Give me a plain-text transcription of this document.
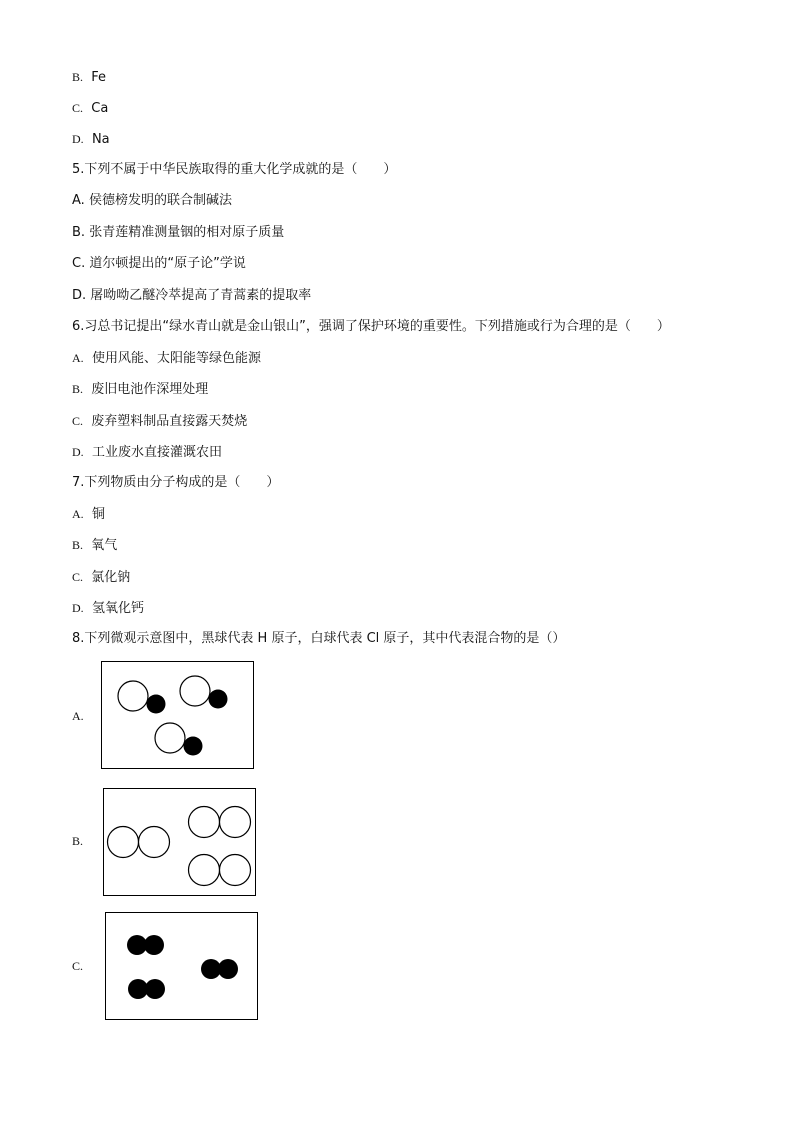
B. Fe
C. Ca
D. Na
5.下列不属于中华民族取得的重大化学成就的是（　　）
A. 侯德榜发明的联合制碱法
B. 张青莲精准测量铟的相对原子质量
C. 道尔顿提出的“原子论”学说
D. 屠呦呦乙醚冷萃提高了青蒿素的提取率
6.习总书记提出“绿水青山就是金山银山”，强调了保护环境的重要性。下列措施或行为合理的是（　　）
A. 使用风能、太阳能等绿色能源
B. 废旧电池作深埋处理
C. 废弃塑料制品直接露天焚烧
D. 工业废水直接灌溉农田
7.下列物质由分子构成的是（　　）
A. 铜
B. 氧气
C. 氯化钠
D. 氢氧化钙
8.下列微观示意图中，黑球代表 H 原子，白球代表 Cl 原子，其中代表混合物的是（）
A.
B.
C.
